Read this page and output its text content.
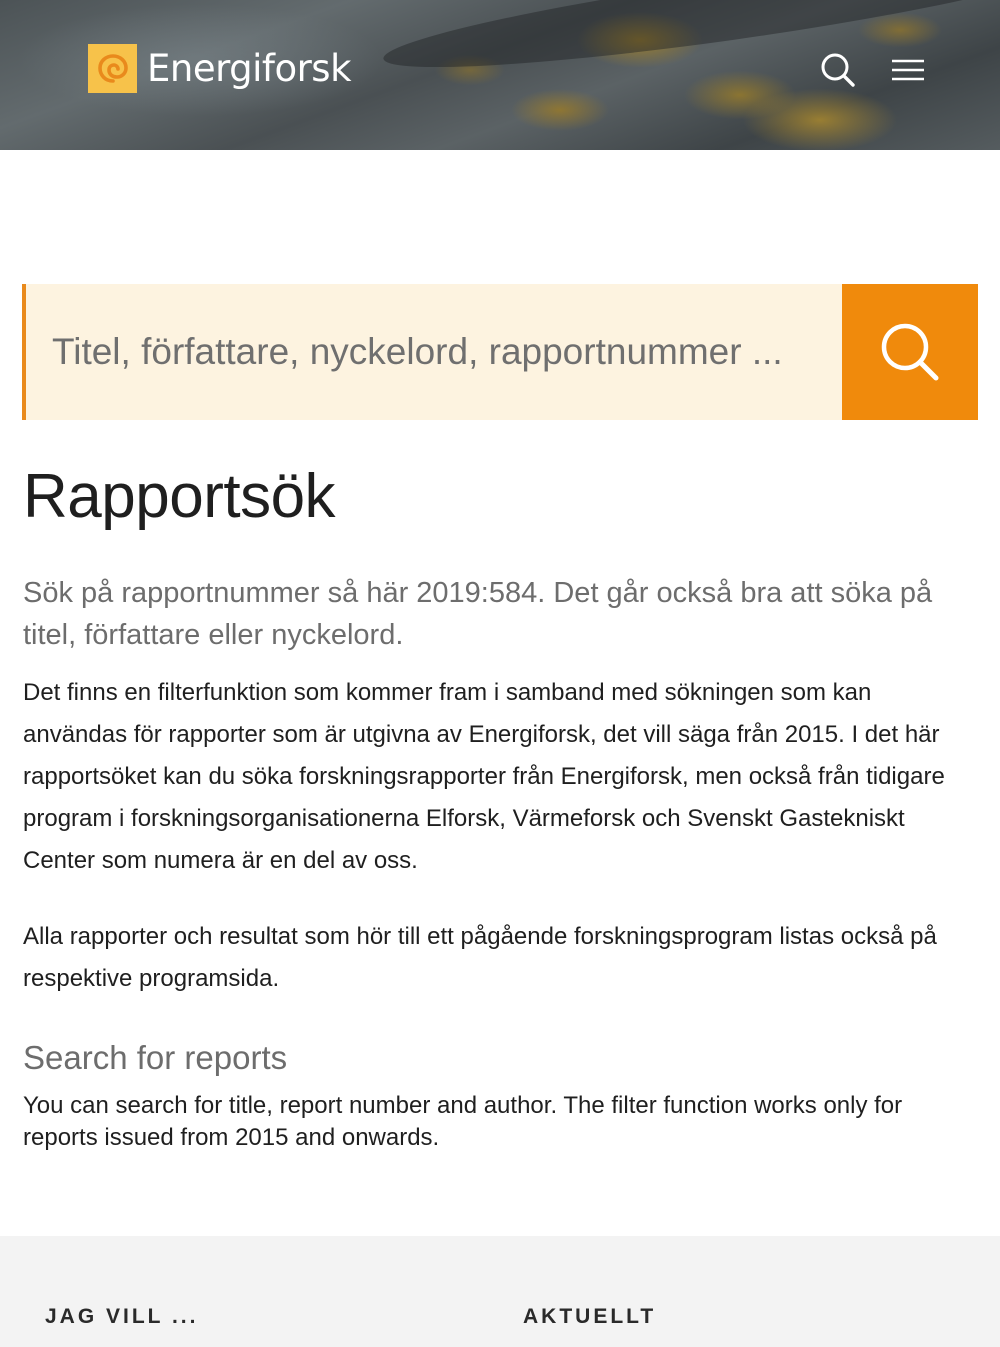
Energiforsk
Titel, författare, nyckelord, rapportnummer ...
Rapportsök

Sök på rapportnummer så här 2019:584. Det går också bra att söka på titel, författare eller nyckelord.

Det finns en filterfunktion som kommer fram i samband med sökningen som kan användas för rapporter som är utgivna av Energiforsk, det vill säga från 2015. I det här rapportsöket kan du söka forskningsrapporter från Energiforsk, men också från tidigare program i forskningsorganisationerna Elforsk, Värmeforsk och Svenskt Gastekniskt Center som numera är en del av oss.

Alla rapporter och resultat som hör till ett pågående forskningsprogram listas också på respektive programsida.

Search for reports

You can search for title, report number and author. The filter function works only for reports issued from 2015 and onwards.

JAG VILL ...	AKTUELLT
